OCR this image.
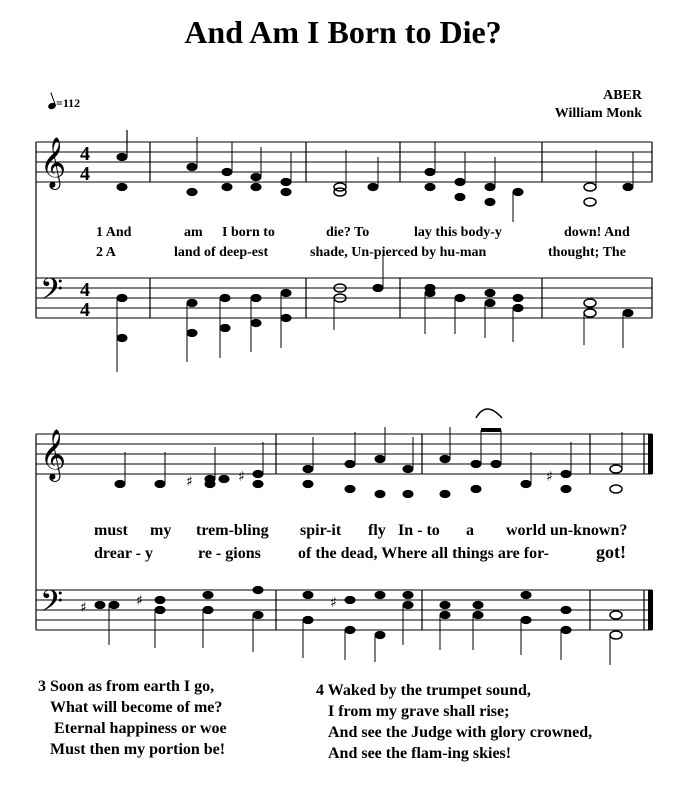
And Am I Born to Die?
ABER
William Monk
=112
𝄞
𝄢
4
4
4
4
𝄞
𝄢
♯	♯	♯
♯	♯	♯
1 And	am I born to	die? To	lay this body-y	down! And
2 A	land of deep-est	shade, Un-pierced by hu-man	thought; The
must my trem-bling spir-it fly In - to a world un-known?
drear - y	re - gions of the dead, Where all things are for-	got!
3 Soon as from earth I go,
What will become of me?
Eternal happiness or woe
Must then my portion be!
4 Waked by the trumpet sound,
I from my grave shall rise;
And see the Judge with glory crowned,
And see the flam-ing skies!
